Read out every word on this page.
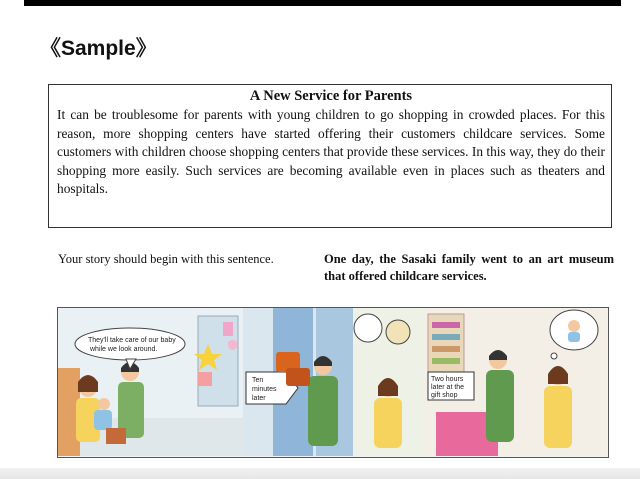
《Sample》
A New Service for Parents
It can be troublesome for parents with young children to go shopping in crowded places. For this reason, more shopping centers have started offering their customers childcare services. Some customers with children choose shopping centers that provide these services. In this way, they do their shopping more easily. Such services are becoming available even in places such as theaters and hospitals.
Your story should begin with this sentence.	One day, the Sasaki family went to an art museum that offered childcare services.
They'll take care of our baby
while we look around.
Ten
minutes
later
Two hours
later at the
gift shop
